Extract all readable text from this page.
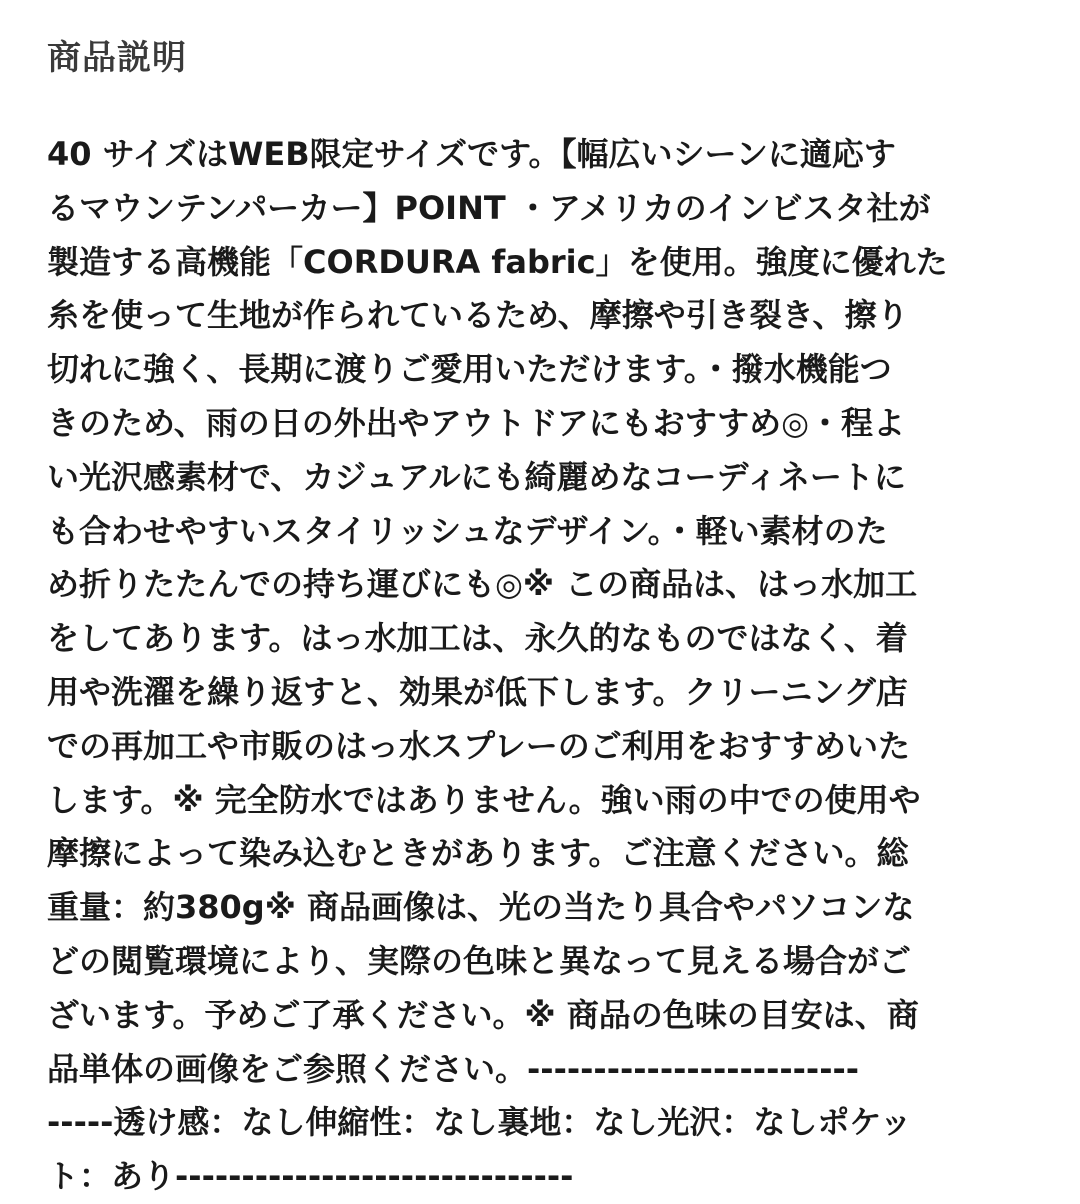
商品説明
40 サイズはWEB限定サイズです。【幅広いシーンに適応す
るマウンテンパーカー】POINT ・アメリカのインビスタ社が
製造する高機能「CORDURA fabric」を使用。強度に優れた
糸を使って生地が作られているため、摩擦や引き裂き、擦り
切れに強く、長期に渡りご愛用いただけます。・撥水機能つ
きのため、雨の日の外出やアウトドアにもおすすめ◎・程よ
い光沢感素材で、カジュアルにも綺麗めなコーディネートに
も合わせやすいスタイリッシュなデザイン。・軽い素材のた
め折りたたんでの持ち運びにも◎※ この商品は、はっ水加工
をしてあります。はっ水加工は、永久的なものではなく、着
用や洗濯を繰り返すと、効果が低下します。クリーニング店
での再加工や市販のはっ水スプレーのご利用をおすすめいた
します。※ 完全防水ではありません。強い雨の中での使用や
摩擦によって染み込むときがあります。ご注意ください。総
重量：約380g※ 商品画像は、光の当たり具合やパソコンな
どの閲覧環境により、実際の色味と異なって見える場合がご
ざいます。予めご了承ください。※ 商品の色味の目安は、商
品単体の画像をご参照ください。-------------------------
-----透け感：なし伸縮性：なし裏地：なし光沢：なしポケッ
ト：あり------------------------------
